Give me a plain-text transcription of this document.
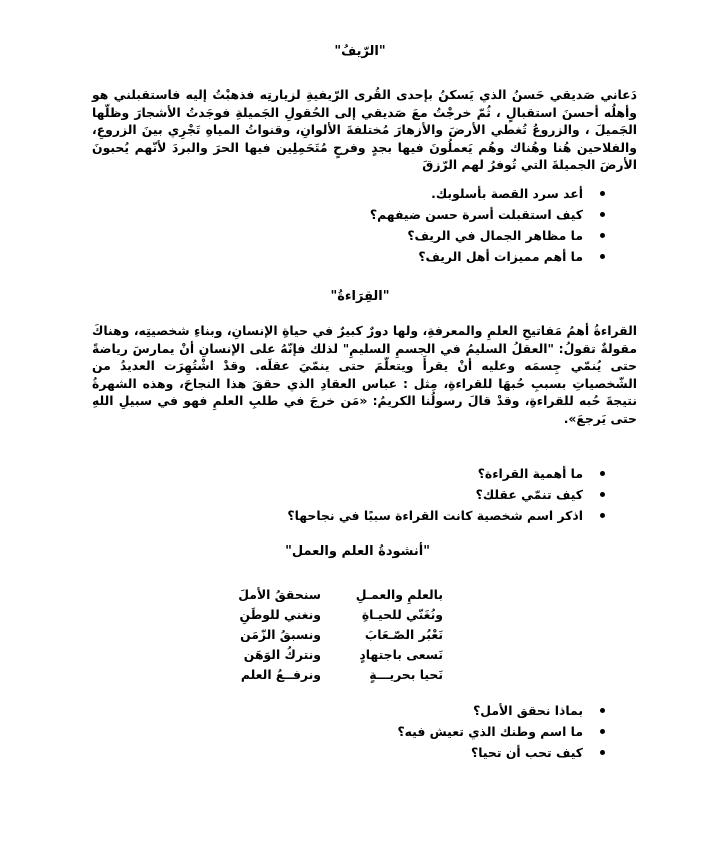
"الرّيفُ"
دَعاني صَديقي حَسنُ الذي يَسكنُ بإحدى القُرى الرّيفيةِ لزيارتِه فذهبْتُ إليه فاستقبلني هو وأهلُه أحسنَ استقبالٍ ، ثُمّ خرجْتُ معَ صَديقي إلى الحُقولِ الجَميلةِ فوجَدتُ الأشجارَ وظلّها الجَميلَ ، والزروعُ تُغطي الأرضَ والأزهارَ مُختلفةَ الألوانِ، وقنواتُ المياهِ تَجْرِي بينَ الزروعِ، والفلاحين هُنا وهُناك وهُم يَعملُونَ فيها بجدٍ وفرحٍ مُتَحَمِلِين فيها الحرَ والبردَ لأنّهم يُحبونَ الأرضَ الجميلةَ التي تُوفرُ لهم الرّزقَ
أعد سرد القصة بأسلوبك.
كيف استقبلت أسرة حسن ضيفهم؟
ما مظاهر الجمال في الريف؟
ما أهم مميزات أهل الريف؟
"القِرَاءةُ"
القراءةُ أهمُ مَفاتيحِ العلمِ والمعرفةِ، ولها دورٌ كبيرٌ في حياةِ الإنسانِ، وبناءِ شخصيتِه، وهناكَ مقولةٌ تقولُ: "العقلُ السليمُ في الجسمِ السليمِ" لذلك فإنّهُ على الإنسانِ أنْ يمارسَ رياضةً حتى يُنمّي جِسمَه وعليه أنْ يقرأَ ويتعلّمَ حتى ينمّيَ عقلَه. وقدْ اشْتُهِرَت العديدُ من الشّخصياتِ بسببِ حُبهَا للقراءةِ، مِثل : عباس العقادِ الذي حققَ هذا النجاحَ، وهذه الشهرةُ نتيجةَ حُبه للقراءةِ، وقدْ قالَ رسولُنا الكريمُ: «مَن خرجَ في طلبِ العلمِ فهو في سبيلِ اللهِ حتى يَرجعَ».
ما أهمية القراءة؟
كيف تنمّي عقلك؟
اذكر اسم شخصية كانت القراءة سببًا في نجاحها؟
"أنشودةُ العلم والعمل"
بالعلمِ والعمـلِ
سنحققُ الأملَ
ونُغَنّي للحيـاةِ
ونغني للوطَنِ
نَعْبُر الصّـعَابَ
ونسبقُ الزّمَن
نَسعى باجتهادٍ
ونتركُ الوَهَن
نَحيا بحريـــةٍ
ونرفــعُ العلم
بماذا نحقق الأمل؟
ما اسم وطنك الذي تعيش فيه؟
كيف تحب أن تحيا؟
